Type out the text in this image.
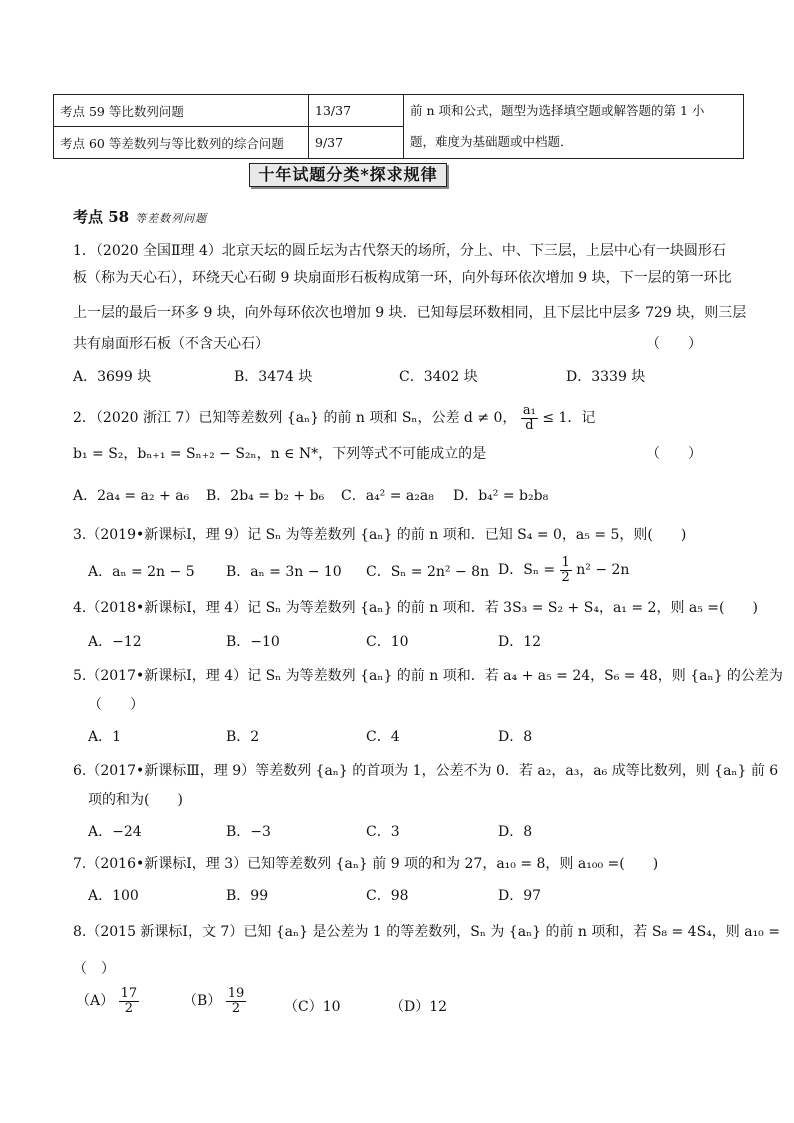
考点 59 等比数列问题	13/37	前 n 项和公式，题型为选择填空题或解答题的第 1 小
题，难度为基础题或中档题．

考点 60 等差数列与等比数列的综合问题	9/37	
十年试题分类*探求规律
考点 58 等差数列问题
1．（2020 全国Ⅱ理 4）北京天坛的圆丘坛为古代祭天的场所，分上、中、下三层，上层中心有一块圆形石
板（称为天心石），环绕天心石砌 9 块扇面形石板构成第一环，向外每环依次增加 9 块，下一层的第一环比
上一层的最后一环多 9 块，向外每环依次也增加 9 块．已知每层环数相同，且下层比中层多 729 块，则三层
共有扇面形石板（不含天心石）	（　　）
A．3699 块	B．3474 块	C．3402 块	D．3339 块
2．（2020 浙江 7）已知等差数列 {aₙ} 的前 n 项和 Sₙ，公差 d ≠ 0， $\frac{\text{a₁}}{d} \le 1$．记
b₁ = S₂，bₙ₊₁ = Sₙ₊₂ − S₂ₙ，n ∈ N*，下列等式不可能成立的是	（　　）
A．2a₄ = a₂ + a₆ B．2b₄ = b₂ + b₆ C．a₄² = a₂a₈ D．b₄² = b₂b₈
3.（2019•新课标Ⅰ，理 9）记 Sₙ 为等差数列 {aₙ} 的前 n 项和．已知 S₄ = 0，a₅ = 5，则(　　)
A．aₙ = 2n − 5 B．aₙ = 3n − 10 C．Sₙ = 2n² − 8n D．$S_n = \frac{1}{2} n^2 - 2n$
4.（2018•新课标Ⅰ，理 4）记 Sₙ 为等差数列 {aₙ} 的前 n 项和．若 3S₃ = S₂ + S₄，a₁ = 2，则 a₅ =(　　)
A．−12	B．−10	C．10	D．12
5.（2017•新课标Ⅰ，理 4）记 Sₙ 为等差数列 {aₙ} 的前 n 项和．若 a₄ + a₅ = 24，S₆ = 48，则 {aₙ} 的公差为
（　　）
A．1	B．2	C．4	D．8
6.（2017•新课标Ⅲ，理 9）等差数列 {aₙ} 的首项为 1，公差不为 0．若 a₂，a₃，a₆ 成等比数列，则 {aₙ} 前 6
项的和为(　　)
A．−24	B．−3	C．3	D．8
7.（2016•新课标Ⅰ，理 3）已知等差数列 {aₙ} 前 9 项的和为 27，a₁₀ = 8，则 a₁₀₀ =(　　)
A．100	B．99	C．98	D．97
8.（2015 新课标Ⅰ，文 7）已知 {aₙ} 是公差为 1 的等差数列，Sₙ 为 {aₙ} 的前 n 项和，若 S₈ = 4S₄，则 a₁₀ =
（　）
$(A) \frac{17}{2}$	$(B) \frac{19}{2}$	（C）10	（D）12
